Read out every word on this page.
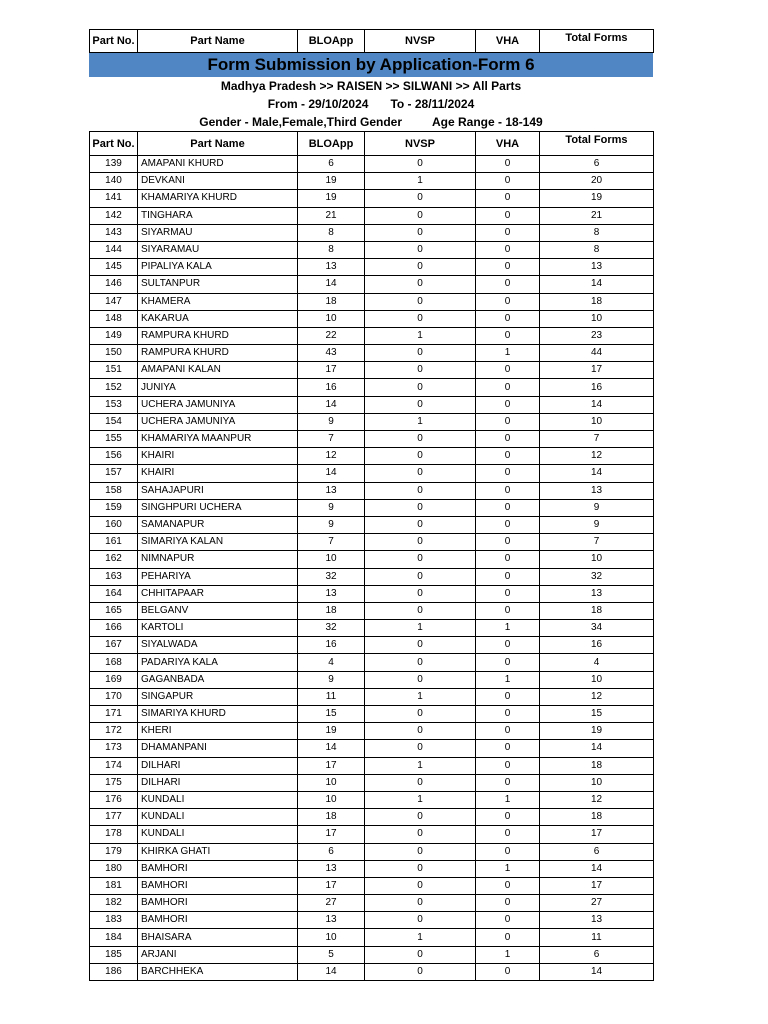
Part No.	Part Name	BLOApp	NVSP	VHA	Total Forms
Form Submission by Application-Form 6
Madhya Pradesh >> RAISEN >> SILWANI >> All Parts
From - 29/10/2024 To - 28/11/2024
Gender - Male,Female,Third Gender	Age Range - 18-149
Part No.	Part Name	BLOApp	NVSP	VHA	Total Forms
139	AMAPANI KHURD	6	0	0	6
140	DEVKANI	19	1	0	20
141	KHAMARIYA KHURD	19	0	0	19
142	TINGHARA	21	0	0	21
143	SIYARMAU	8	0	0	8
144	SIYARAMAU	8	0	0	8
145	PIPALIYA KALA	13	0	0	13
146	SULTANPUR	14	0	0	14
147	KHAMERA	18	0	0	18
148	KAKARUA	10	0	0	10
149	RAMPURA KHURD	22	1	0	23
150	RAMPURA KHURD	43	0	1	44
151	AMAPANI KALAN	17	0	0	17
152	JUNIYA	16	0	0	16
153	UCHERA JAMUNIYA	14	0	0	14
154	UCHERA JAMUNIYA	9	1	0	10
155	KHAMARIYA MAANPUR	7	0	0	7
156	KHAIRI	12	0	0	12
157	KHAIRI	14	0	0	14
158	SAHAJAPURI	13	0	0	13
159	SINGHPURI UCHERA	9	0	0	9
160	SAMANAPUR	9	0	0	9
161	SIMARIYA KALAN	7	0	0	7
162	NIMNAPUR	10	0	0	10
163	PEHARIYA	32	0	0	32
164	CHHITAPAAR	13	0	0	13
165	BELGANV	18	0	0	18
166	KARTOLI	32	1	1	34
167	SIYALWADA	16	0	0	16
168	PADARIYA KALA	4	0	0	4
169	GAGANBADA	9	0	1	10
170	SINGAPUR	11	1	0	12
171	SIMARIYA KHURD	15	0	0	15
172	KHERI	19	0	0	19
173	DHAMANPANI	14	0	0	14
174	DILHARI	17	1	0	18
175	DILHARI	10	0	0	10
176	KUNDALI	10	1	1	12
177	KUNDALI	18	0	0	18
178	KUNDALI	17	0	0	17
179	KHIRKA GHATI	6	0	0	6
180	BAMHORI	13	0	1	14
181	BAMHORI	17	0	0	17
182	BAMHORI	27	0	0	27
183	BAMHORI	13	0	0	13
184	BHAISARA	10	1	0	11
185	ARJANI	5	0	1	6
186	BARCHHEKA	14	0	0	14
